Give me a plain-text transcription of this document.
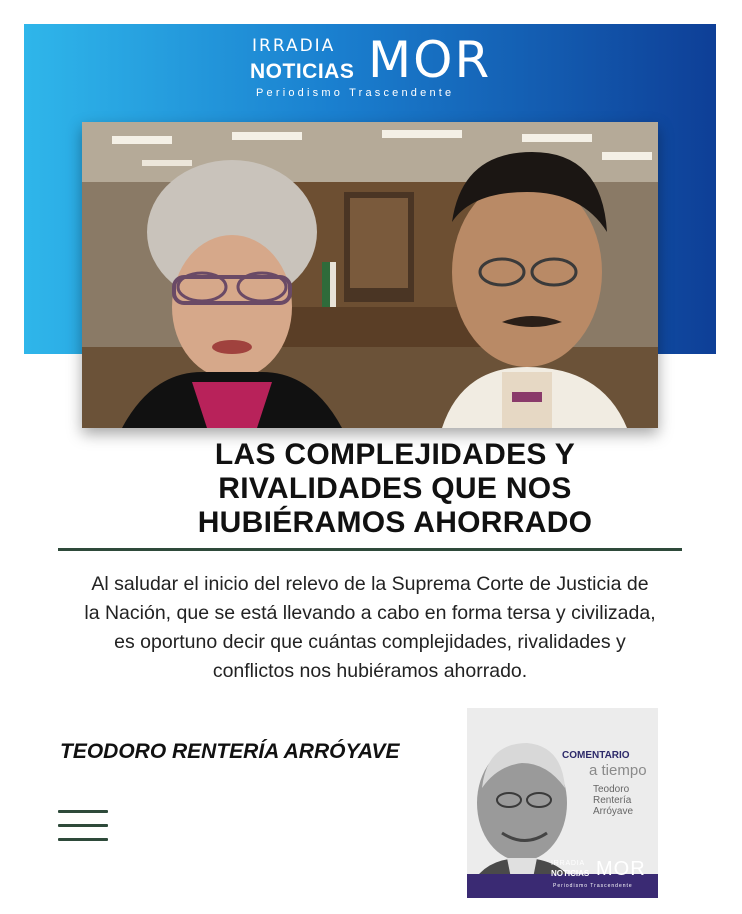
IRRADIA
NOTICIAS MOR
Periodismo Trascendente
LAS COMPLEJIDADES Y
RIVALIDADES QUE NOS
HUBIÉRAMOS AHORRADO

Al saludar el inicio del relevo de la Suprema Corte de Justicia de
la Nación, que se está llevando a cabo en forma tersa y civilizada,
es oportuno decir que cuántas complejidades, rivalidades y
conflictos nos hubiéramos ahorrado.

TEODORO RENTERÍA ARRÓYAVE	COMENTARIO
a tiempo
Teodoro
Rentería
Arróyave
IRRADIA
NOTICIAS MOR
Periodismo Trascendente
